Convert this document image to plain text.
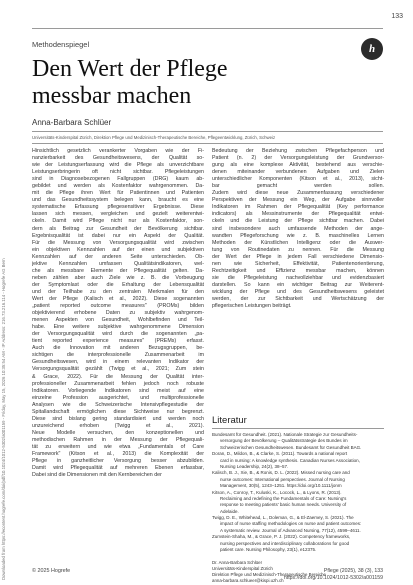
Downloaded from https://econtent.hogrefe.com/doi/pdf/10.1024/1012-5302/a001159 - Friday, May 15, 2026 10:35:54 AM - IP Address: 216.73.216.114 - Hogrefe AG Bern
133
Methodenspiegel	h
Den Wert der Pflege
messbar machen
Anna-Barbara Schlüer
Universitäts-Kinderspital Zürich, Direktion Pflege und Medizinisch-Therapeutische Bereiche, Pflegeentwicklung, Zürich, Schweiz
Hinsichtlich gesetzlich verankerter Vorgaben wie der Fi-
nanzierbarkeit des Gesundheitswesens, der Qualität so-
wie der Leistungserfassung wird die Pflege als unverzichtbare
Leistungserbringerin oft nicht sichtbar. Pflegeleistungen
sind in Diagnosebezogenen Fallgruppen (DRG) kaum ab-
gebildet und werden als Kostenfaktor wahrgenommen. Da-
mit die Pflege ihren Wert für Patientinnen und Patienten
und das Gesundheitssystem belegen kann, braucht es eine
systematische Erfassung pflegesensitiver Ergebnisse. Diese
lassen sich messen, vergleichen und gezielt weiterentwi-
ckeln. Damit wird Pflege nicht nur als Kostenfaktor, son-
dern als Beitrag zur Gesundheit der Bevölkerung sichtbar.
Ergebnisqualität ist dabei nur ein Aspekt der Qualität.
Für die Messung von Versorgungsqualität wird zwischen
ein objektiven Kennzahlen auf der einen und subjektiven
Kennzahlen auf der anderen Seite unterschieden. Ob-
jektive Kennzahlen umfassen Qualitätsindikatoren, wel-
che als messbare Elemente der Pflegequalität gelten. Da-
neben zählen aber auch Ziele wie z. B. die Vorbeugung
der Symptomlast oder die Erhaltung der Lebensqualität
und der Teilhabe zu den zentralen Merkmalen für den
Wert der Pflege (Kalisch et al., 2022). Diese sogenannten
„patient reported outcome measures" (PROMs) bilden
objektivierend erhobene Daten zu subjektiv wahrgenom-
menen Aspekten von Gesundheit, Wohlbefinden und Teil-
habe. Eine weitere subjektive wahrgenommene Dimension
der Versorgungsqualität wird durch die sogenannten „pa-
tient reported experience measures" (PREMs) erfasst.
Auch die Innovation mit anderen Bezugsgruppen, be-
sichtigen die interprofessionelle Zusammenarbeit im
Gesundheitswesen, wird in einem relevanten Indikator der
Versorgungsqualität gezählt (Twigg et al., 2021; Zum stein
& Grace, 2022). Für die Messung der Qualität inter-
professioneller Zusammenarbeit fehlen jedoch noch robuste
Indikatoren. Vorliegende Indikatoren sind meist auf eine
einzelne Profession ausgerichtet, und multiprofessionelle
Analysen wie die Schweizerische Intensivpflegestudie der
Spitallandschaft ermöglichen diese Sichtweise nur begrenzt.
Diese sind bislang gering standardisiert und werden noch
unzureichend erhoben (Twigg et al., 2021).
Neue Modelle versuchen, den konzeptionellen und
methodischen Rahmen in der Messung der Pflegequali-
tät zu erweitern und wie etwa „Fundamentals of Care
Framework" (Kitson et al., 2013) die Komplexität der
Pflege in ganzheitlicher Versorgung besser abzubilden.
Damit wird Pflegequalität auf mehreren Ebenen erfassbar,
Dabei sind die Dimensionen mit den Kernbereichen der
Bedeutung der Beziehung zwischen Pflegefachperson und
Patient (n. 2) der Versorgungsleistung der Grundversor-
gung als eine komplexe Aktivität, bestehend aus verschie-
denen miteinander verbundenen Aufgaben und Zielen
unterschiedlicher Komponenten (Kitson et al., 2013), sicht-
bar gemacht werden sollen.
Zudem wird diese neue Zusammenfassung verschiedener
Perspektiven der Messung ein Weg, der Aufgabe sinnvoller
Indikatoren im Rahmen der Pflegequalität (Key performance
indicators) als Messinstrumente der Pflegequalität entwi-
ckeln und die Leistung der Pflege sichtbar machen. Dabei
sind insbesondere auch umfassende Methoden der ange-
wandten Pflegeforschung wie z. B. maschinelles Lernen
Methoden der Künstlichen Intelligenz oder die Auswer-
tung von Routinedaten zu nennen. Für die Messung
der Wert der Pflege in jedem Fall verschiedene Dimensio-
nen wie Sicherheit, Effektivität, Patientenorientierung,
Rechtzeitigkeit und Effizienz messbar machen, können
sie die Pflegeleistung nachvollziehbar und evidenzbasiert
darstellen. So kann ein wichtiger Beitrag zur Weiterent-
wicklung der Pflege und des Gesundheitswesens geleistet
werden, der zur Sichtbarkeit und Wertschätzung der
pflegerischen Leistungen beiträgt.
Literatur
Bundesamt für Gesundheit. (2021). Nationale Strategie zur Gesundheits-
versorgung der Bevölkerung – Qualitätsstrategie des Bundes im
Schweizerischen Gesundheitswesen. Bundesamt für Gesundheit BAG.
Doran, D., Mildon, B., & Clarke, S. (2011). Towards a national report
card in nursing: A knowledge synthesis. Canadian Nurses Association,
Nursing Leadership, 24(2), 38–57.
Kalisch, B. J., Xie, B., & Ronis, D. L. (2022). Missed nursing care and
nurse outcomes: International perspectives. Journal of Nursing
Management, 30(5), 1243–1251. https://doi.org/10.1111/jonm
Kitson, A., Conroy, T., Kuluski, K., Locock, L., & Lyons, R. (2013).
Reclaiming and redefining the Fundamentals of Care: Nursing's
response to meeting patients' basic human needs. University of
Adelaide.
Twigg, D. E., Whitehead, L., Doleman, G., & El-Zaemey, S. (2021). The
impact of nurse staffing methodologies on nurse and patient outcomes:
A systematic review. Journal of Advanced Nursing, 77(12), 4599–4611.
Zumstein-Shaha, M., & Grace, P. J. (2022). Competency frameworks,
nursing perspectives and interdisciplinary collaborations for good
patient care. Nursing Philosophy, 23(1), e12375.
Dr. Anna-Barbara Schlüer
Universitäts-Kinderspital Zürich
Direktion Pflege und Medizinisch-Therapeutische Bereiche
anna-barbara.schlueer@kispi.uzh.ch
© 2025 Hogrefe	Pflege (2025), 38 (3), 133
https://doi.org/10.1024/1012-5302/a001159
